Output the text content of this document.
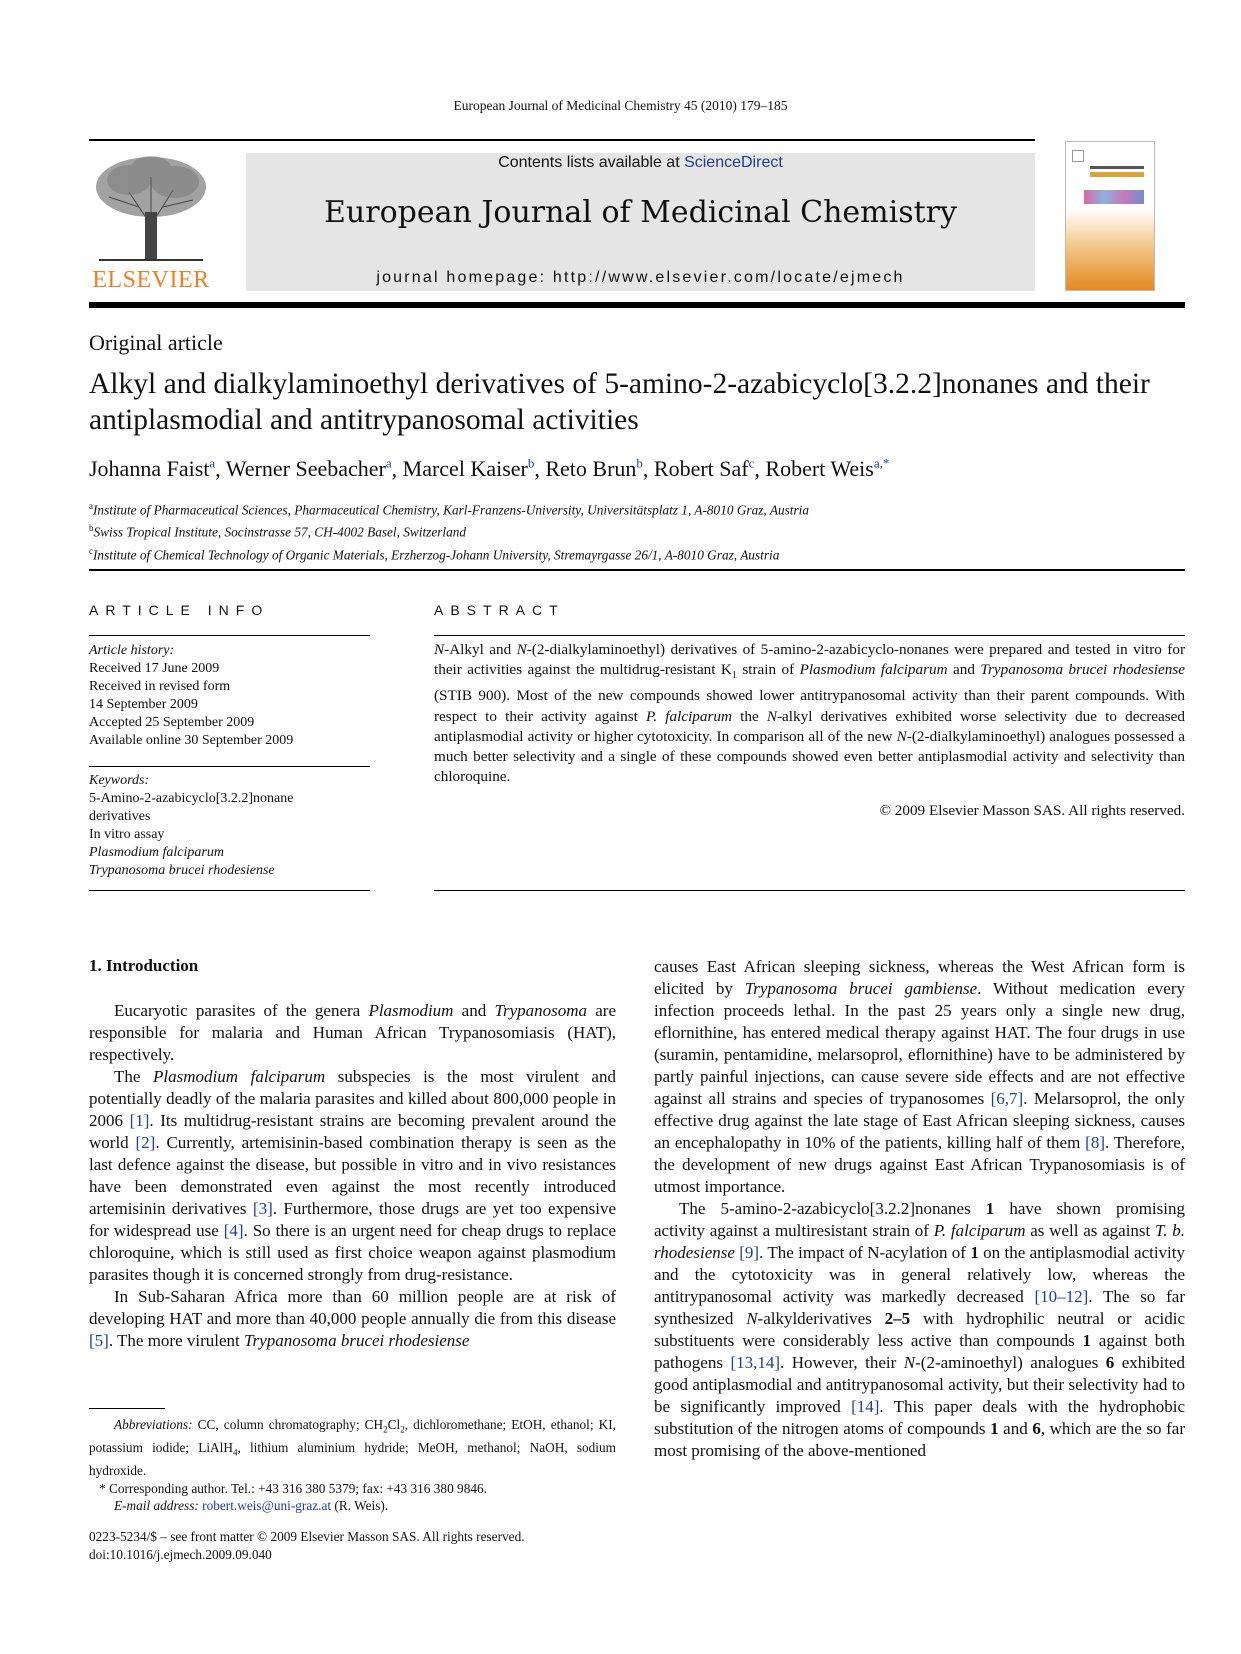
European Journal of Medicinal Chemistry 45 (2010) 179–185
ELSEVIER
Contents lists available at ScienceDirect
European Journal of Medicinal Chemistry
journal homepage: http://www.elsevier.com/locate/ejmech
Original article
Alkyl and dialkylaminoethyl derivatives of 5-amino-2-azabicyclo[3.2.2]nonanes and their antiplasmodial and antitrypanosomal activities
Johanna Faist$^a$, Werner Seebacher$^a$, Marcel Kaiser$^b$, Reto Brun$^b$, Robert Saf$^c$, Robert Weis$^{a,*}$
$^a$Institute of Pharmaceutical Sciences, Pharmaceutical Chemistry, Karl-Franzens-University, Universitätsplatz 1, A-8010 Graz, Austria
$^b$Swiss Tropical Institute, Socinstrasse 57, CH-4002 Basel, Switzerland
$^c$Institute of Chemical Technology of Organic Materials, Erzherzog-Johann University, Stremayrgasse 26/1, A-8010 Graz, Austria
ARTICLE INFO
Article history:
Received 17 June 2009
Received in revised form
14 September 2009
Accepted 25 September 2009
Available online 30 September 2009
Keywords:
5-Amino-2-azabicyclo[3.2.2]nonane
derivatives
In vitro assay
Plasmodium falciparum
Trypanosoma brucei rhodesiense
ABSTRACT
N-Alkyl and N-(2-dialkylaminoethyl) derivatives of 5-amino-2-azabicyclo-nonanes were prepared and tested in vitro for their activities against the multidrug-resistant $K_1$ strain of Plasmodium falciparum and Trypanosoma brucei rhodesiense (STIB 900). Most of the new compounds showed lower antitrypanosomal activity than their parent compounds. With respect to their activity against P. falciparum the N-alkyl derivatives exhibited worse selectivity due to decreased antiplasmodial activity or higher cytotoxicity. In comparison all of the new N-(2-dialkylaminoethyl) analogues possessed a much better selectivity and a single of these compounds showed even better antiplasmodial activity and selectivity than chloroquine.
© 2009 Elsevier Masson SAS. All rights reserved.
1. Introduction

Eucaryotic parasites of the genera Plasmodium and Trypanosoma are responsible for malaria and Human African Trypanosomiasis (HAT), respectively.

The Plasmodium falciparum subspecies is the most virulent and potentially deadly of the malaria parasites and killed about 800,000 people in 2006 [1]. Its multidrug-resistant strains are becoming prevalent around the world [2]. Currently, artemisinin-based combination therapy is seen as the last defence against the disease, but possible in vitro and in vivo resistances have been demonstrated even against the most recently introduced artemisinin derivatives [3]. Furthermore, those drugs are yet too expensive for widespread use [4]. So there is an urgent need for cheap drugs to replace chloroquine, which is still used as first choice weapon against plasmodium parasites though it is concerned strongly from drug-resistance.

In Sub-Saharan Africa more than 60 million people are at risk of developing HAT and more than 40,000 people annually die from this disease [5]. The more virulent Trypanosoma brucei rhodesiense

causes East African sleeping sickness, whereas the West African form is elicited by Trypanosoma brucei gambiense. Without medication every infection proceeds lethal. In the past 25 years only a single new drug, eflornithine, has entered medical therapy against HAT. The four drugs in use (suramin, pentamidine, melarsoprol, eflornithine) have to be administered by partly painful injections, can cause severe side effects and are not effective against all strains and species of trypanosomes [6,7]. Melarsoprol, the only effective drug against the late stage of East African sleeping sickness, causes an encephalopathy in 10% of the patients, killing half of them [8]. Therefore, the development of new drugs against East African Trypanosomiasis is of utmost importance.

The 5-amino-2-azabicyclo[3.2.2]nonanes 1 have shown promising activity against a multiresistant strain of P. falciparum as well as against T. b. rhodesiense [9]. The impact of N-acylation of 1 on the antiplasmodial activity and the cytotoxicity was in general relatively low, whereas the antitrypanosomal activity was markedly decreased [10–12]. The so far synthesized N-alkylderivatives 2–5 with hydrophilic neutral or acidic substituents were considerably less active than compounds 1 against both pathogens [13,14]. However, their N-(2-aminoethyl) analogues 6 exhibited good antiplasmodial and antitrypanosomal activity, but their selectivity had to be significantly improved [14]. This paper deals with the hydrophobic substitution of the nitrogen atoms of compounds 1 and 6, which are the so far most promising of the above-mentioned

Abbreviations: CC, column chromatography; $CH_2Cl_2$, dichloromethane; EtOH, ethanol; KI, potassium iodide; LiAlH$_4$, lithium aluminium hydride; MeOH, methanol; NaOH, sodium hydroxide.

* Corresponding author. Tel.: +43 316 380 5379; fax: +43 316 380 9846.

E-mail address: robert.weis@uni-graz.at (R. Weis).

0223-5234/$ – see front matter © 2009 Elsevier Masson SAS. All rights reserved.
doi:10.1016/j.ejmech.2009.09.040
